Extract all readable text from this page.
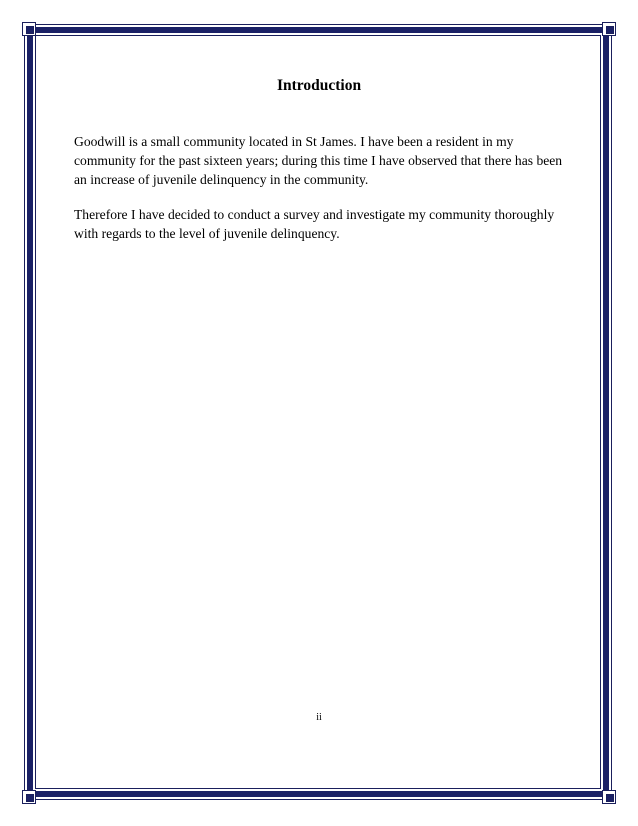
Introduction

Goodwill is a small community located in St James. I have been a resident in my community for the past sixteen years; during this time I have observed that there has been an increase of juvenile delinquency in the community.

Therefore I have decided to conduct a survey and investigate my community thoroughly with regards to the level of juvenile delinquency.

ii
